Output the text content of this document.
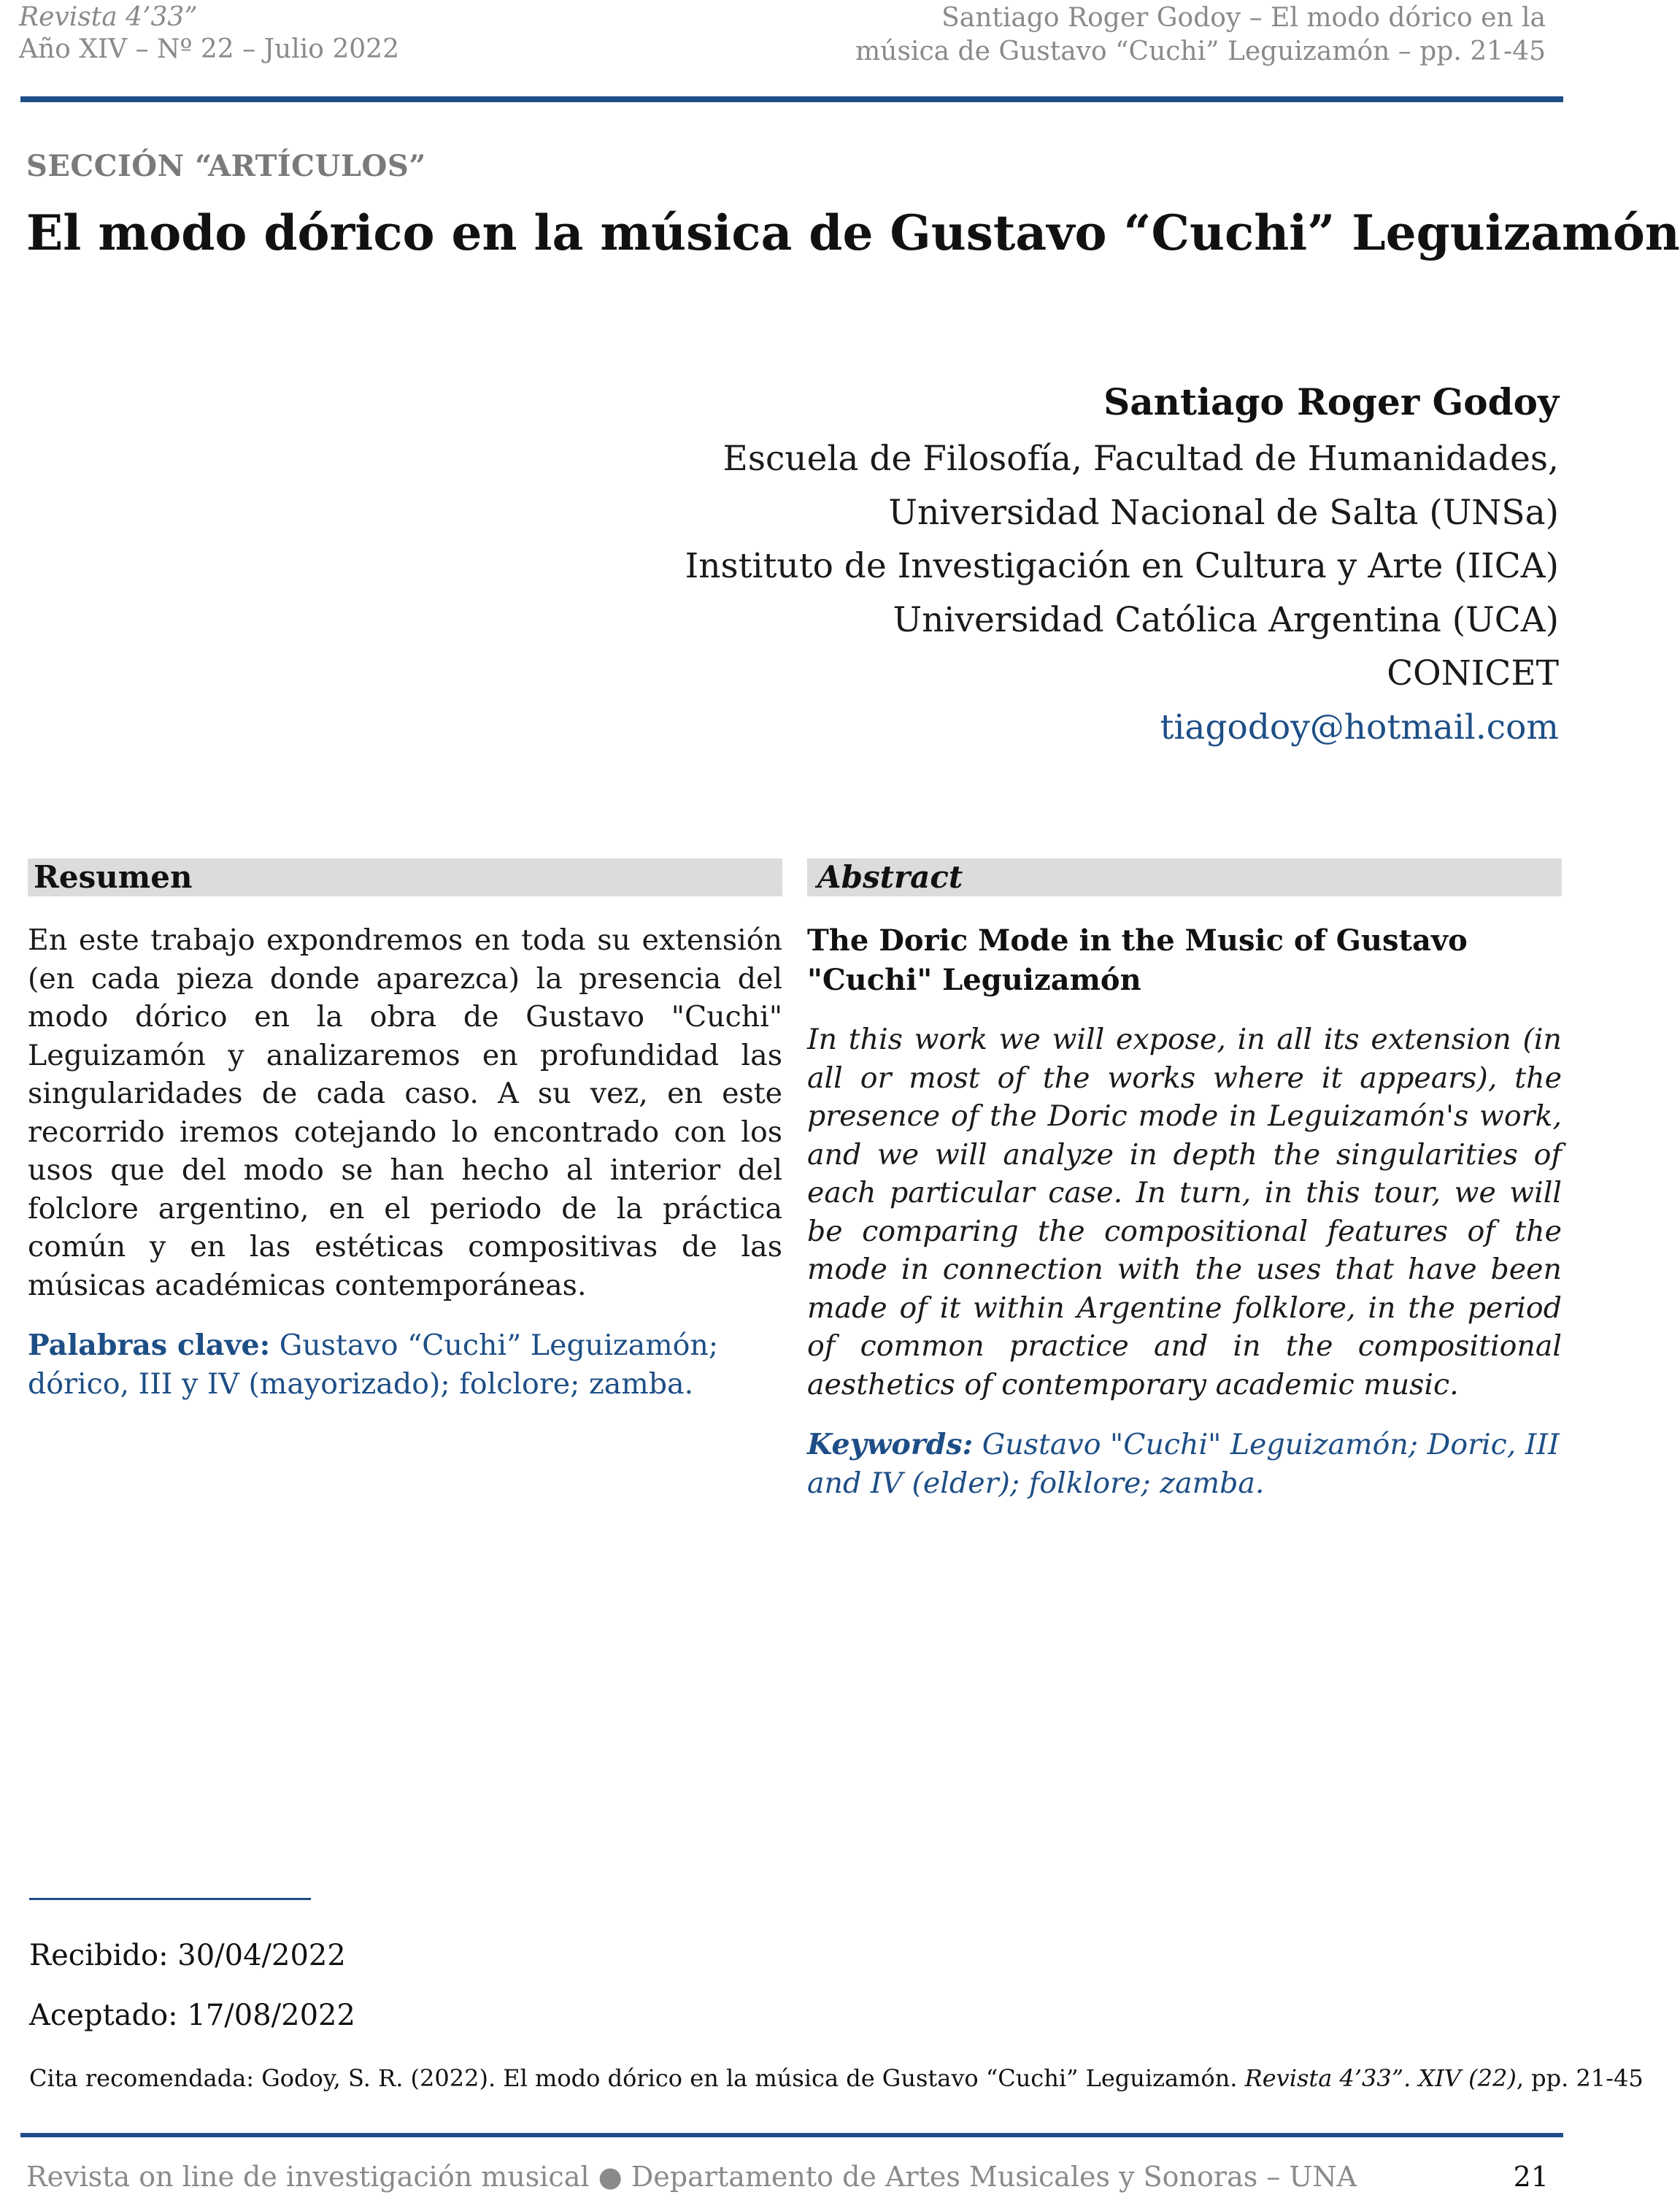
Revista 4’33”
Año XIV – Nº 22 – Julio 2022
Santiago Roger Godoy – El modo dórico en la
música de Gustavo “Cuchi” Leguizamón – pp. 21-45
SECCIÓN “ARTÍCULOS”
El modo dórico en la música de Gustavo “Cuchi” Leguizamón
Santiago Roger Godoy
Escuela de Filosofía, Facultad de Humanidades,
Universidad Nacional de Salta (UNSa)
Instituto de Investigación en Cultura y Arte (IICA)
Universidad Católica Argentina (UCA)
CONICET
tiagodoy@hotmail.com
Resumen

En este trabajo expondremos en toda su extensión (en cada pieza donde aparezca) la presencia del modo dórico en la obra de Gustavo "Cuchi" Leguizamón y analizaremos en profundidad las singularidades de cada caso. A su vez, en este recorrido iremos cotejando lo encontrado con los usos que del modo se han hecho al interior del folclore argentino, en el periodo de la práctica común y en las estéticas compositivas de las músicas académicas contemporáneas.

Palabras clave: Gustavo “Cuchi” Leguizamón; dórico, III y IV (mayorizado); folclore; zamba.

Abstract
The Doric Mode in the Music of Gustavo "Cuchi" Leguizamón

In this work we will expose, in all its extension (in all or most of the works where it appears), the presence of the Doric mode in Leguizamón's work, and we will analyze in depth the singularities of each particular case. In turn, in this tour, we will be comparing the compositional features of the mode in connection with the uses that have been made of it within Argentine folklore, in the period of common practice and in the compositional aesthetics of contemporary academic music.

Keywords: Gustavo "Cuchi" Leguizamón; Doric, III and IV (elder); folklore; zamba.

Recibido: 30/04/2022
Aceptado: 17/08/2022
Cita recomendada: Godoy, S. R. (2022). El modo dórico en la música de Gustavo “Cuchi” Leguizamón. Revista 4’33”. XIV (22), pp. 21-45
Revista on line de investigación musical ● Departamento de Artes Musicales y Sonoras – UNA	21
